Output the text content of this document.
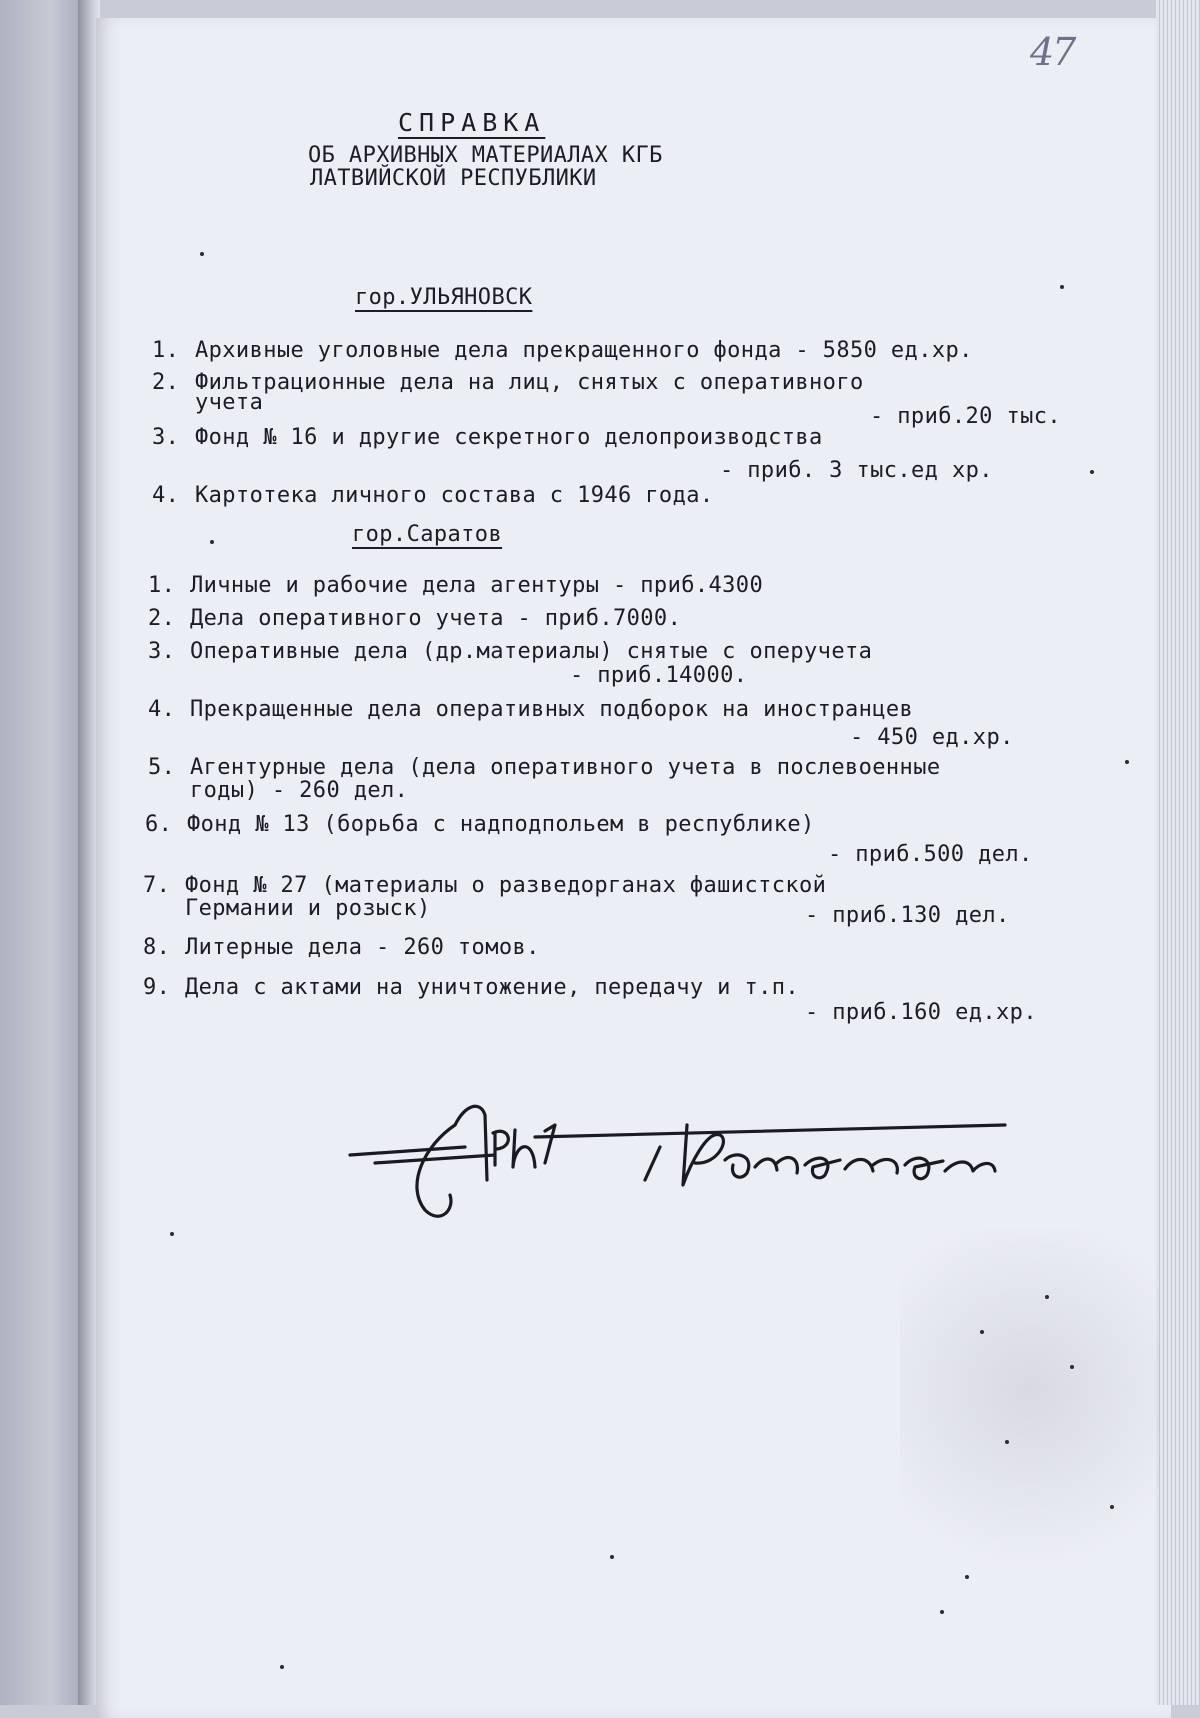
47
СПРАВКА
ОБ АРХИВНЫХ МАТЕРИАЛАХ КГБ
ЛАТВИЙСКОЙ РЕСПУБЛИКИ
гор.УЛЬЯНОВСК
1. Архивные уголовные дела прекращенного фонда - 5850 ед.хр.
2. Фильтрационные дела на лиц, снятых с оперативного
учета
- приб.20 тыс.
3. Фонд № 16 и другие секретного делопроизводства
- приб. 3 тыс.ед хр.
4. Картотека личного состава с 1946 года.
гор.Саратов
1. Личные и рабочие дела агентуры - приб.4300
2. Дела оперативного учета - приб.7000.
3. Оперативные дела (др.материалы) снятые с оперучета
- приб.14000.
4. Прекращенные дела оперативных подборок на иностранцев
- 450 ед.хр.
5. Агентурные дела (дела оперативного учета в послевоенные
годы) - 260 дел.
6. Фонд № 13 (борьба с надподпольем в республике)
- приб.500 дел.
7. Фонд № 27 (материалы о разведорганах фашистской
Германии и розыск)	- приб.130 дел.
8. Литерные дела - 260 томов.
9. Дела с актами на уничтожение, передачу и т.п.
- приб.160 ед.хр.
